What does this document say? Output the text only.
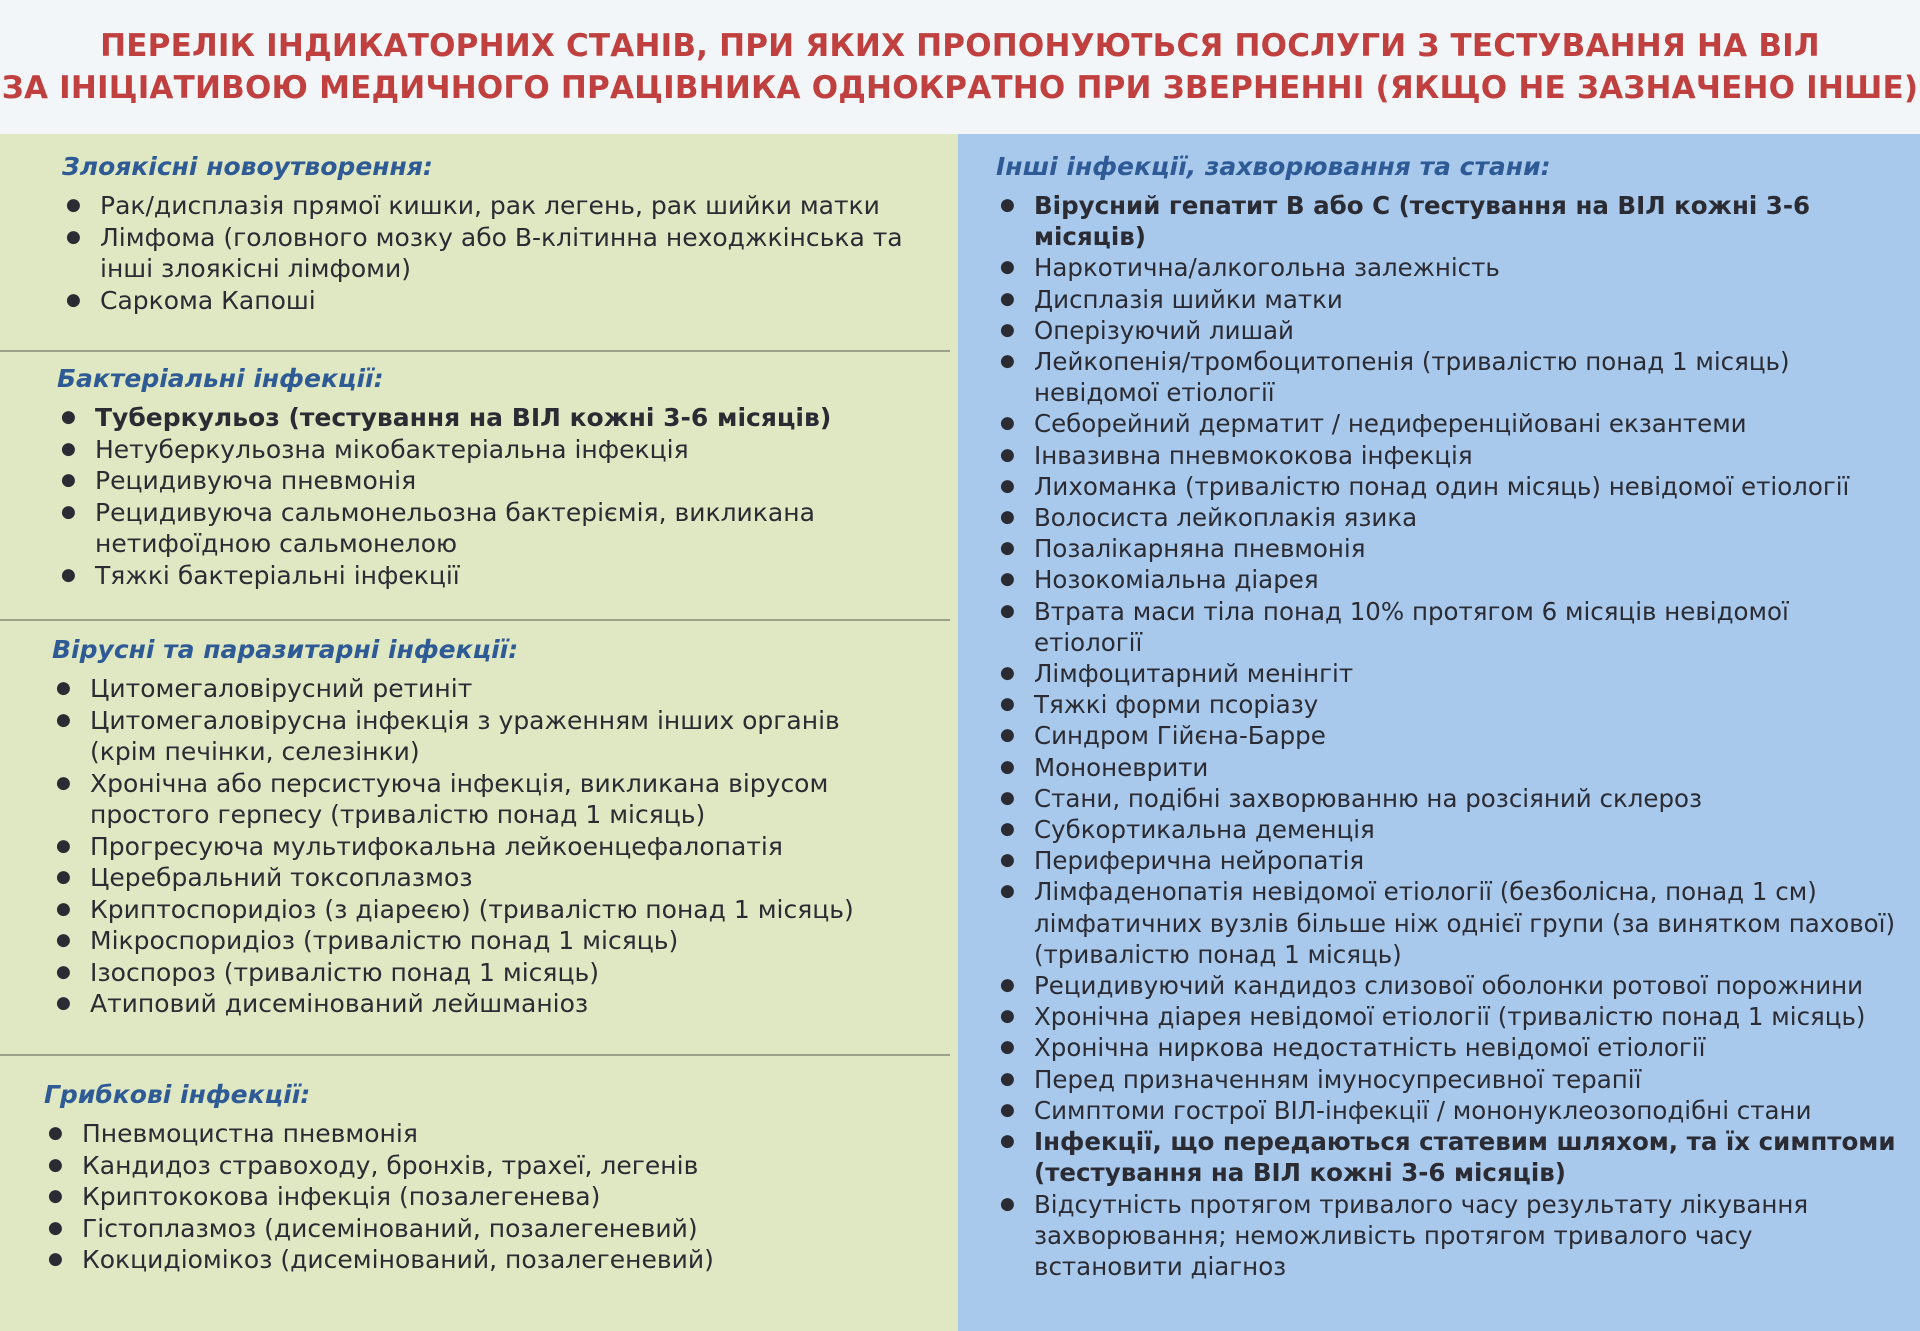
ПЕРЕЛІК ІНДИКАТОРНИХ СТАНІВ, ПРИ ЯКИХ ПРОПОНУЮТЬСЯ ПОСЛУГИ З ТЕСТУВАННЯ НА ВІЛ
ЗА ІНІЦІАТИВОЮ МЕДИЧНОГО ПРАЦІВНИКА ОДНОКРАТНО ПРИ ЗВЕРНЕННІ (ЯКЩО НЕ ЗАЗНАЧЕНО ІНШЕ)
Злоякісні новоутворення:
● Рак/дисплазія прямої кишки, рак легень, рак шийки матки
● Лімфома (головного мозку або В-клітинна неходжкінська та інші злоякісні лімфоми)
● Саркома Капоші
Бактеріальні інфекції:
● Туберкульоз (тестування на ВІЛ кожні 3-6 місяців)
● Нетуберкульозна мікобактеріальна інфекція
● Рецидивуюча пневмонія
● Рецидивуюча сальмонельозна бактеріємія, викликана нетифоїдною сальмонелою
● Тяжкі бактеріальні інфекції
Вірусні та паразитарні інфекції:
● Цитомегаловірусний ретиніт
● Цитомегаловірусна інфекція з ураженням інших органів (крім печінки, селезінки)
● Хронічна або персистуюча інфекція, викликана вірусом простого герпесу (тривалістю понад 1 місяць)
● Прогресуюча мультифокальна лейкоенцефалопатія
● Церебральний токсоплазмоз
● Криптоспоридіоз (з діареєю) (тривалістю понад 1 місяць)
● Мікроспоридіоз (тривалістю понад 1 місяць)
● Ізоспороз (тривалістю понад 1 місяць)
● Атиповий дисемінований лейшманіоз
Грибкові інфекції:
● Пневмоцистна пневмонія
● Кандидоз стравоходу, бронхів, трахеї, легенів
● Криптококова інфекція (позалегенева)
● Гістоплазмоз (дисемінований, позалегеневий)
● Кокцидіомікоз (дисемінований, позалегеневий)
Інші інфекції, захворювання та стани:
● Вірусний гепатит В або С (тестування на ВІЛ кожні 3-6 місяців)
● Наркотична/алкогольна залежність
● Дисплазія шийки матки
● Оперізуючий лишай
● Лейкопенія/тромбоцитопенія (тривалістю понад 1 місяць) невідомої етіології
● Себорейний дерматит / недиференційовані екзантеми
● Інвазивна пневмококова інфекція
● Лихоманка (тривалістю понад один місяць) невідомої етіології
● Волосиста лейкоплакія язика
● Позалікарняна пневмонія
● Нозокоміальна діарея
● Втрата маси тіла понад 10% протягом 6 місяців невідомої етіології
● Лімфоцитарний менінгіт
● Тяжкі форми псоріазу
● Синдром Гійєна-Барре
● Мононеврити
● Стани, подібні захворюванню на розсіяний склероз
● Субкортикальна деменція
● Периферична нейропатія
● Лімфаденопатія невідомої етіології (безболісна, понад 1 см) лімфатичних вузлів більше ніж однієї групи (за винятком пахової) (тривалістю понад 1 місяць)
● Рецидивуючий кандидоз слизової оболонки ротової порожнини
● Хронічна діарея невідомої етіології (тривалістю понад 1 місяць)
● Хронічна ниркова недостатність невідомої етіології
● Перед призначенням імуносупресивної терапії
● Симптоми гострої ВІЛ-інфекції / мононуклеозоподібні стани
● Інфекції, що передаються статевим шляхом, та їх симптоми (тестування на ВІЛ кожні 3-6 місяців)
● Відсутність протягом тривалого часу результату лікування захворювання; неможливість протягом тривалого часу встановити діагноз
